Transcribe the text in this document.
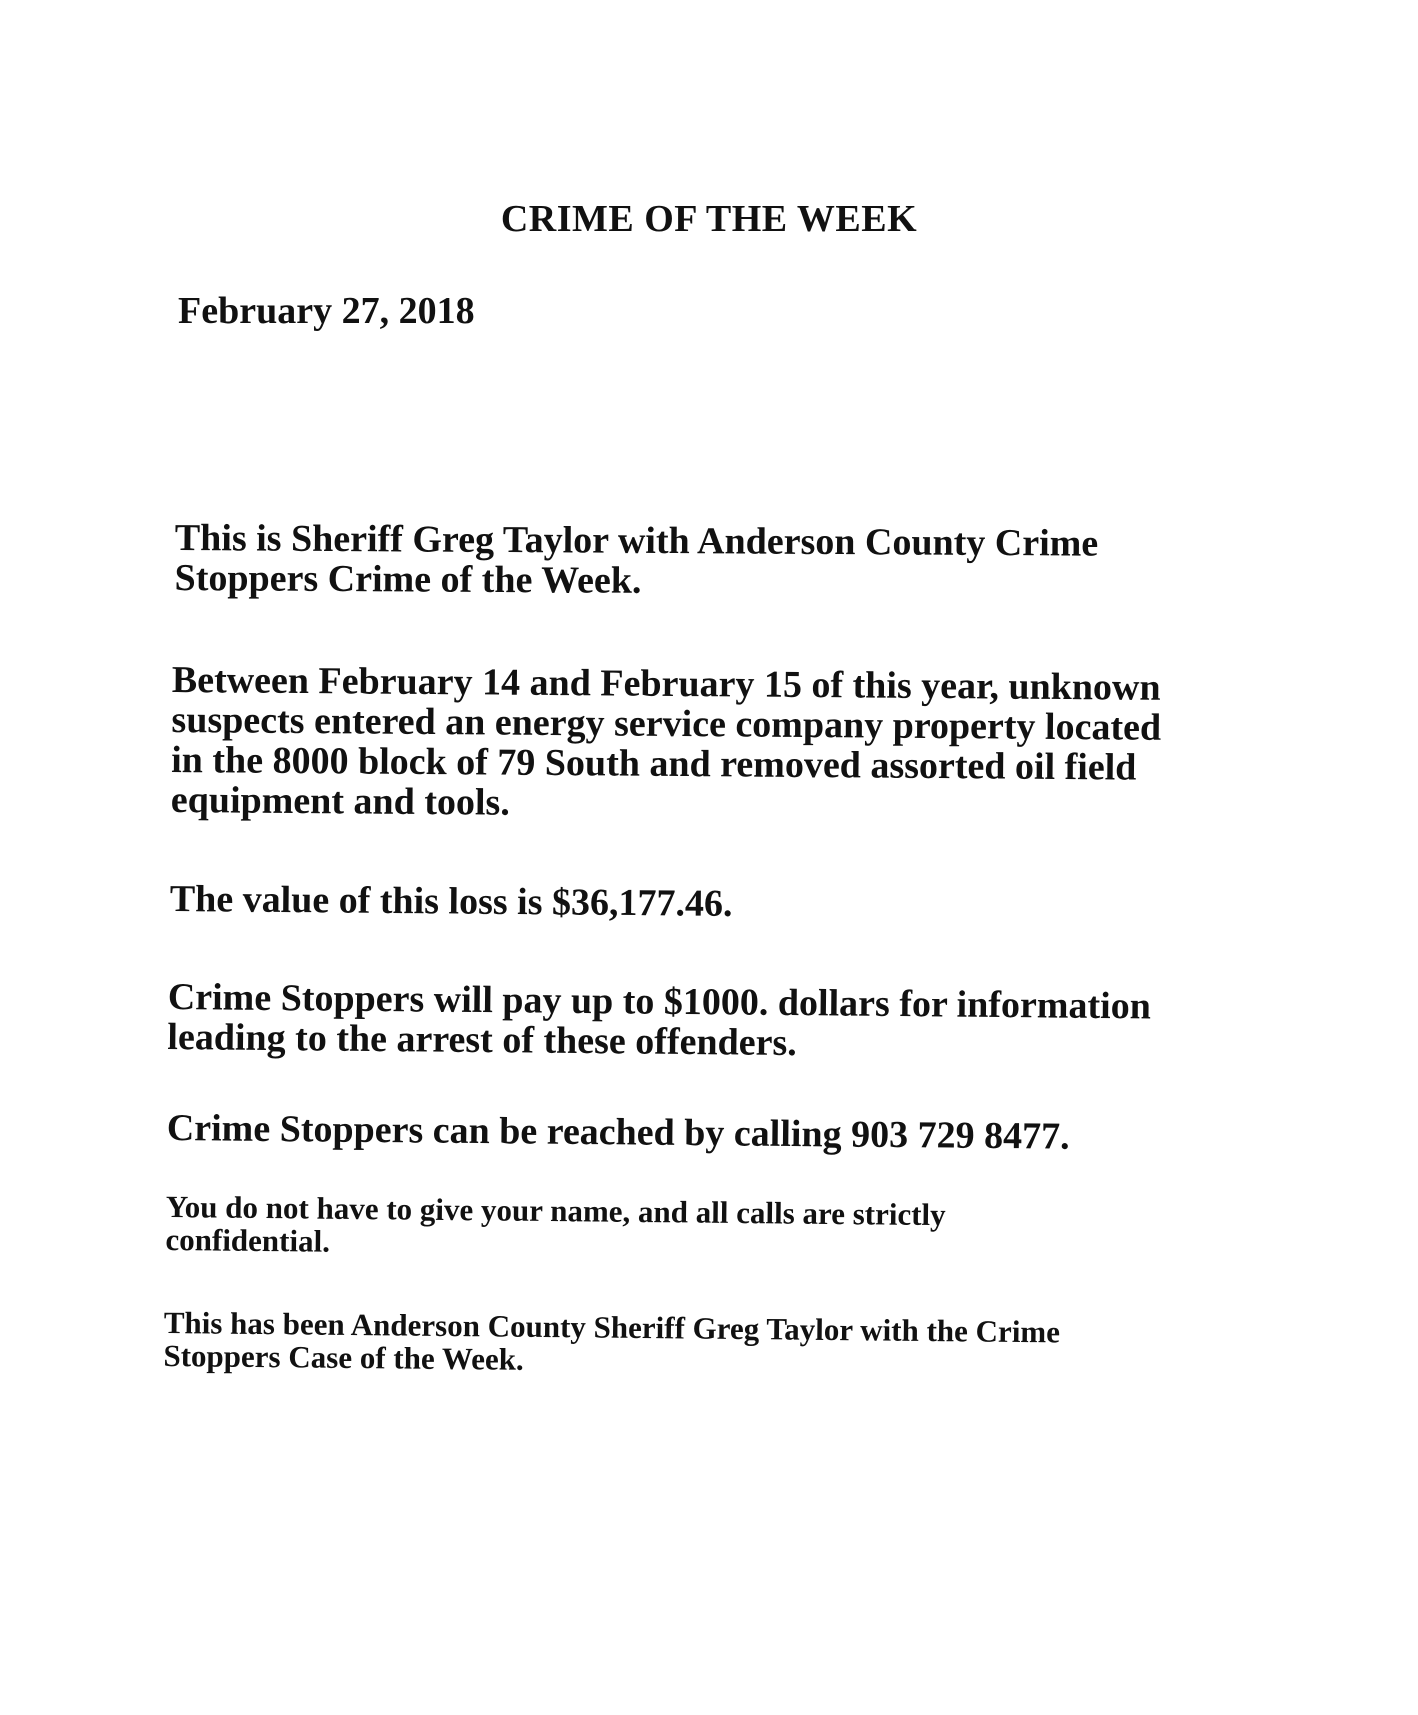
CRIME OF THE WEEK
February 27, 2018

This is Sheriff Greg Taylor with Anderson County Crime
Stoppers Crime of the Week.

Between February 14 and February 15 of this year, unknown
suspects entered an energy service company property located
in the 8000 block of 79 South and removed assorted oil field
equipment and tools.

The value of this loss is $36,177.46.

Crime Stoppers will pay up to $1000. dollars for information
leading to the arrest of these offenders.

Crime Stoppers can be reached by calling 903 729 8477.

You do not have to give your name, and all calls are strictly
confidential.

This has been Anderson County Sheriff Greg Taylor with the Crime
Stoppers Case of the Week.
